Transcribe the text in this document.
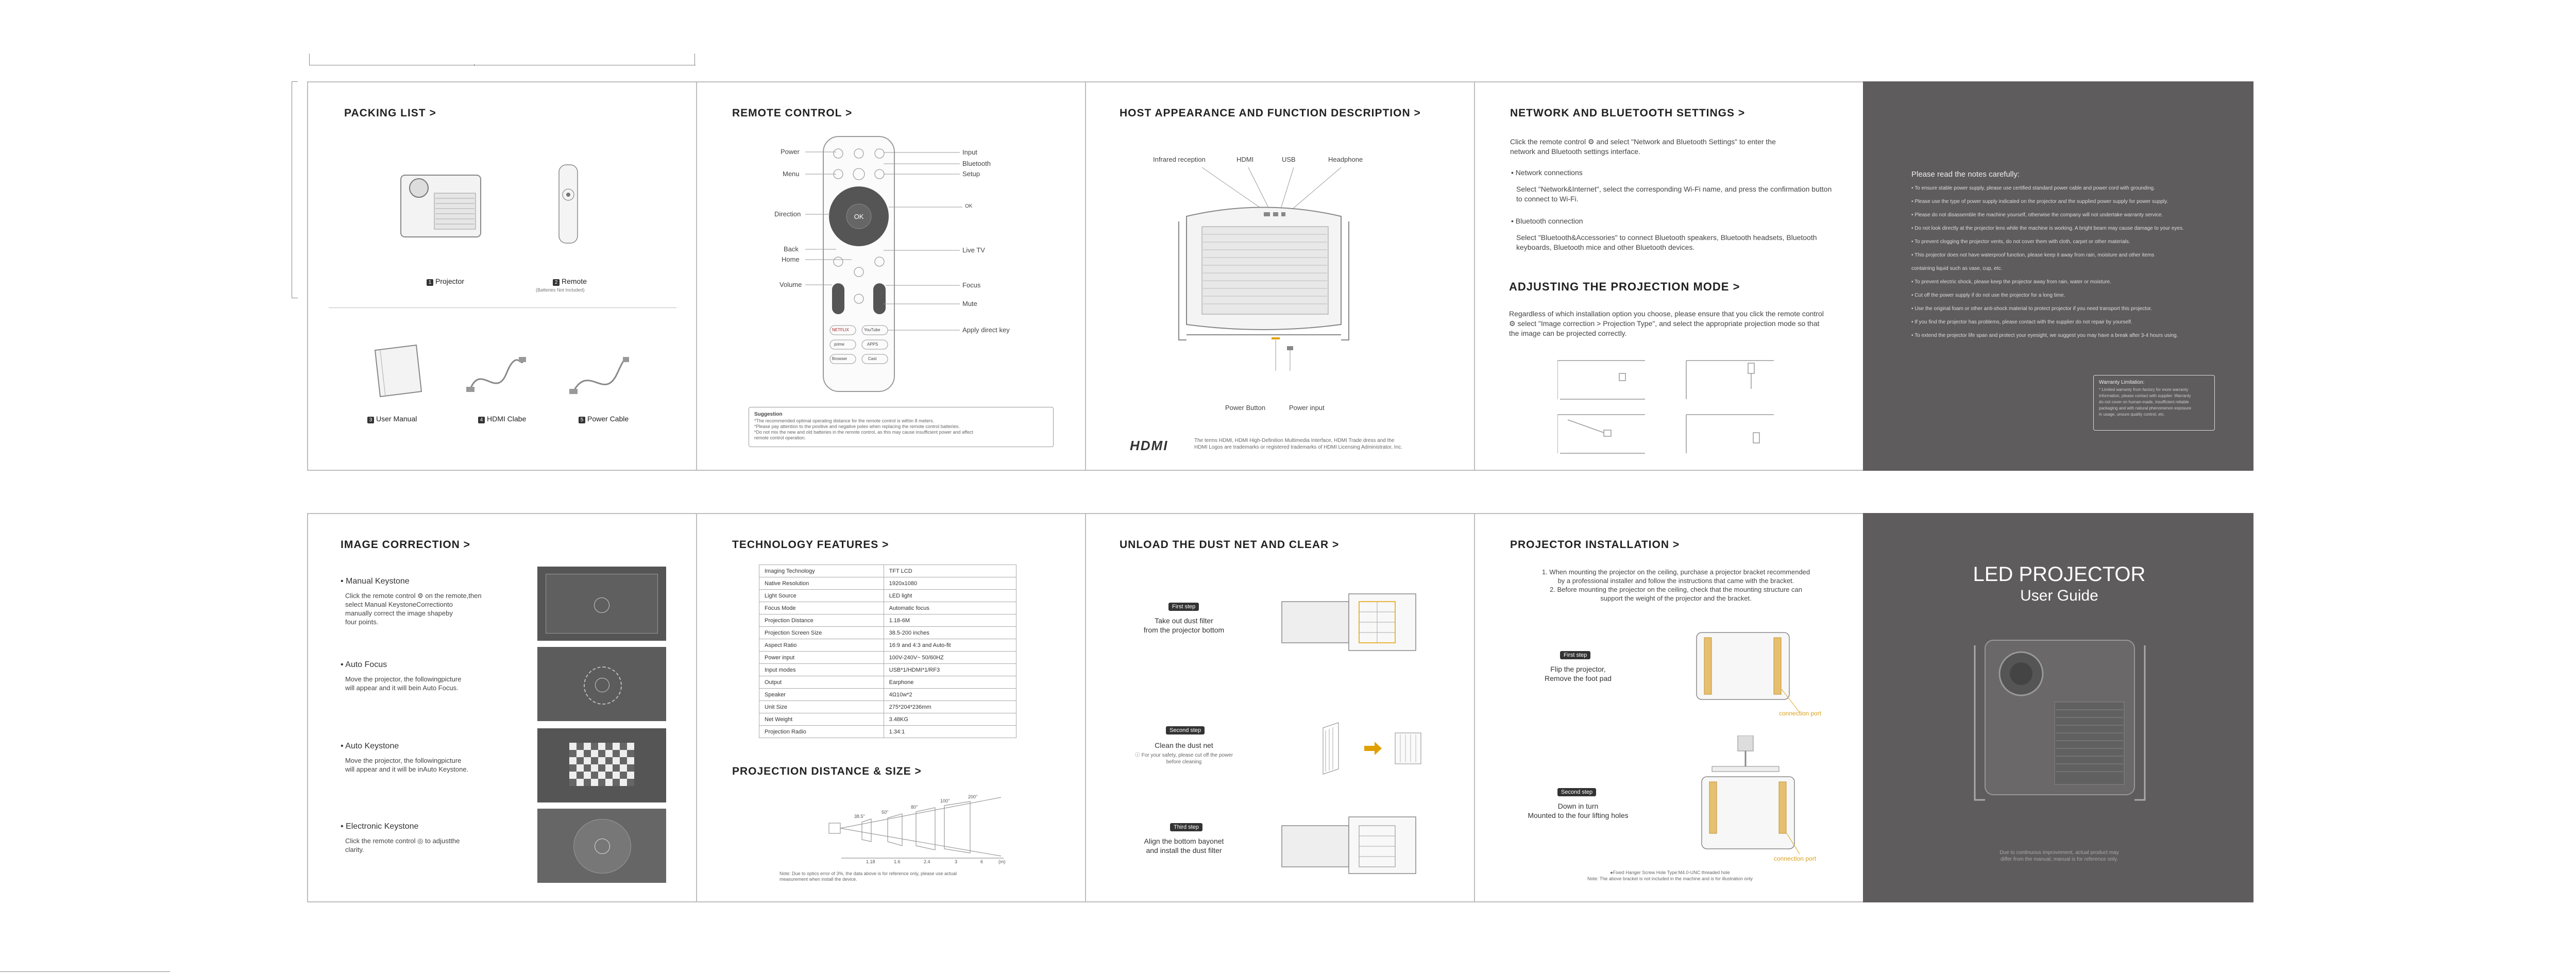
PACKING LIST >
1 Projector	2 Remote
(Batteries Not Included)
3 User Manual	4 HDMI Clabe	5 Power Cable
REMOTE CONTROL >
OK
NETFLIX	YouTube
prime	APPS
Browser	Cast
Power
Menu
Direction
Back
Home
Volume
Input
Bluetooth
Setup
OK
Live TV
Focus
Mute
Apply direct key
Suggestion
*The recommended optimal operating distance for the remote control is within 8 meters.
*Please pay attention to the positive and negative poles when replacing the remote control batteries.
*Do not mix the new and old batteries in the remote control, as this may cause insufficient power and affect
remote control operation.
HOST APPEARANCE AND FUNCTION DESCRIPTION >
Infrared reception	HDMI	USB	Headphone
Power Button	Power input
HDMI	The terms HDMI, HDMI High-Definition Multimedia Interface, HDMI Trade dress and the
HDMI Logos are trademarks or registered trademarks of HDMI Licensing Administrator, Inc.
NETWORK AND BLUETOOTH SETTINGS >
Click the remote control ⚙ and select "Network and Bluetooth Settings" to enter the network and Bluetooth settings interface.
• Network connections
Select "Network&Internet", select the corresponding Wi-Fi name, and press the confirmation button to connect to Wi-Fi.
• Bluetooth connection
Select "Bluetooth&Accessories" to connect Bluetooth speakers, Bluetooth headsets, Bluetooth keyboards, Bluetooth mice and other Bluetooth devices.
ADJUSTING THE PROJECTION MODE >
Regardless of which installation option you choose, please ensure that you click the remote control ⚙ select "Image correction > Projection Type", and select the appropriate projection mode so that the image can be projected correctly.
Please read the notes carefully:
• To ensure stable power supply, please use certified standard power cable and power cord with grounding.
• Please use the type of power supply indicated on the projector and the supplied power supply for power supply.
• Please do not disassemble the machine yourself, otherwise the company will not undertake warranty service.
• Do not look directly at the projector lens while the machine is working. A bright beam may cause damage to your eyes.
• To prevent clogging the projector vents, do not cover them with cloth, carpet or other materials.
• This projector does not have waterproof function, please keep it away from rain, moisture and other items
containing liquid such as vase, cup, etc.
• To prevent electric shock, please keep the projector away from rain, water or moisture.
• Cut off the power supply if do not use the projector for a long time.
• Use the original foam or other anti-shock material to protect projector if you need transport this projector.
• If you find the projector has problems, please contact with the supplier do not repair by yourself.
• To extend the projector life span and protect your eyesight, we suggest you may have a break after 3-4 hours using.
Warranty Limitation:
* Limited warranty from factory for more warranty
information, please contact with supplier. Warranty
do not cover on human-made, insufficient reliable
packaging and with natural phenomenon exposure
in usage, unsure quality control, etc.
IMAGE CORRECTION >
• Manual Keystone
Click the remote control ⚙ on the remote,then
select Manual KeystoneCorrectionto
manually correct the image shapeby
four points.
• Auto Focus
Move the projector, the followingpicture
will appear and it will bein Auto Focus.
• Auto Keystone
Move the projector, the followingpicture
will appear and it will be inAuto Keystone.
• Electronic Keystone
Click the remote control ◎ to adjustthe
clarity.
TECHNOLOGY FEATURES >
Imaging Technology	TFT LCD
Native Resolution	1920x1080
Light Source	LED light
Focus Mode	Automatic focus
Projection Distance	1.18-6M
Projection Screen Size	38.5-200 inches
Aspect Ratio	16:9 and 4:3 and Auto-fit
Power input	100V-240V~ 50/60HZ
Input modes	USB*1/HDMI*1/RF3
Output	Earphone
Speaker	4Ω10w*2
Unit Size	275*204*236mm
Net Weight	3.48KG
Projection Radio	1.34:1
PROJECTION DISTANCE & SIZE >
38.5"
50"
80"
100"
200"
1.18	1.6	2.4	3	6	(m)
Note: Due to optics error of 3%, the data above is for reference only, please use actual
measurement when install the device.
UNLOAD THE DUST NET AND CLEAR >
First step
Take out dust filter
from the projector bottom
Second step
Clean the dust net
ⓘ For your safety, please cut off the power
before cleaning
Third step
Align the bottom bayonet
and install the dust filter
PROJECTOR INSTALLATION >
1. When mounting the projector on the ceiling, purchase a projector bracket recommended
by a professional installer and follow the instructions that came with the bracket.
2. Before mounting the projector on the ceiling, check that the mounting structure can
support the weight of the projector and the bracket.
First step
Flip the projector,
Remove the foot pad
connection port
Second step
Down in turn
Mounted to the four lifting holes
connection port
●Fixed Hanger Screw Hole Type:M4.0-UNC threaded hole
Note: The above bracket is not included in the machine and is for illustration only
LED PROJECTOR
User Guide
Due to continuous improvement, actual product may
differ from the manual; manual is for reference only.
